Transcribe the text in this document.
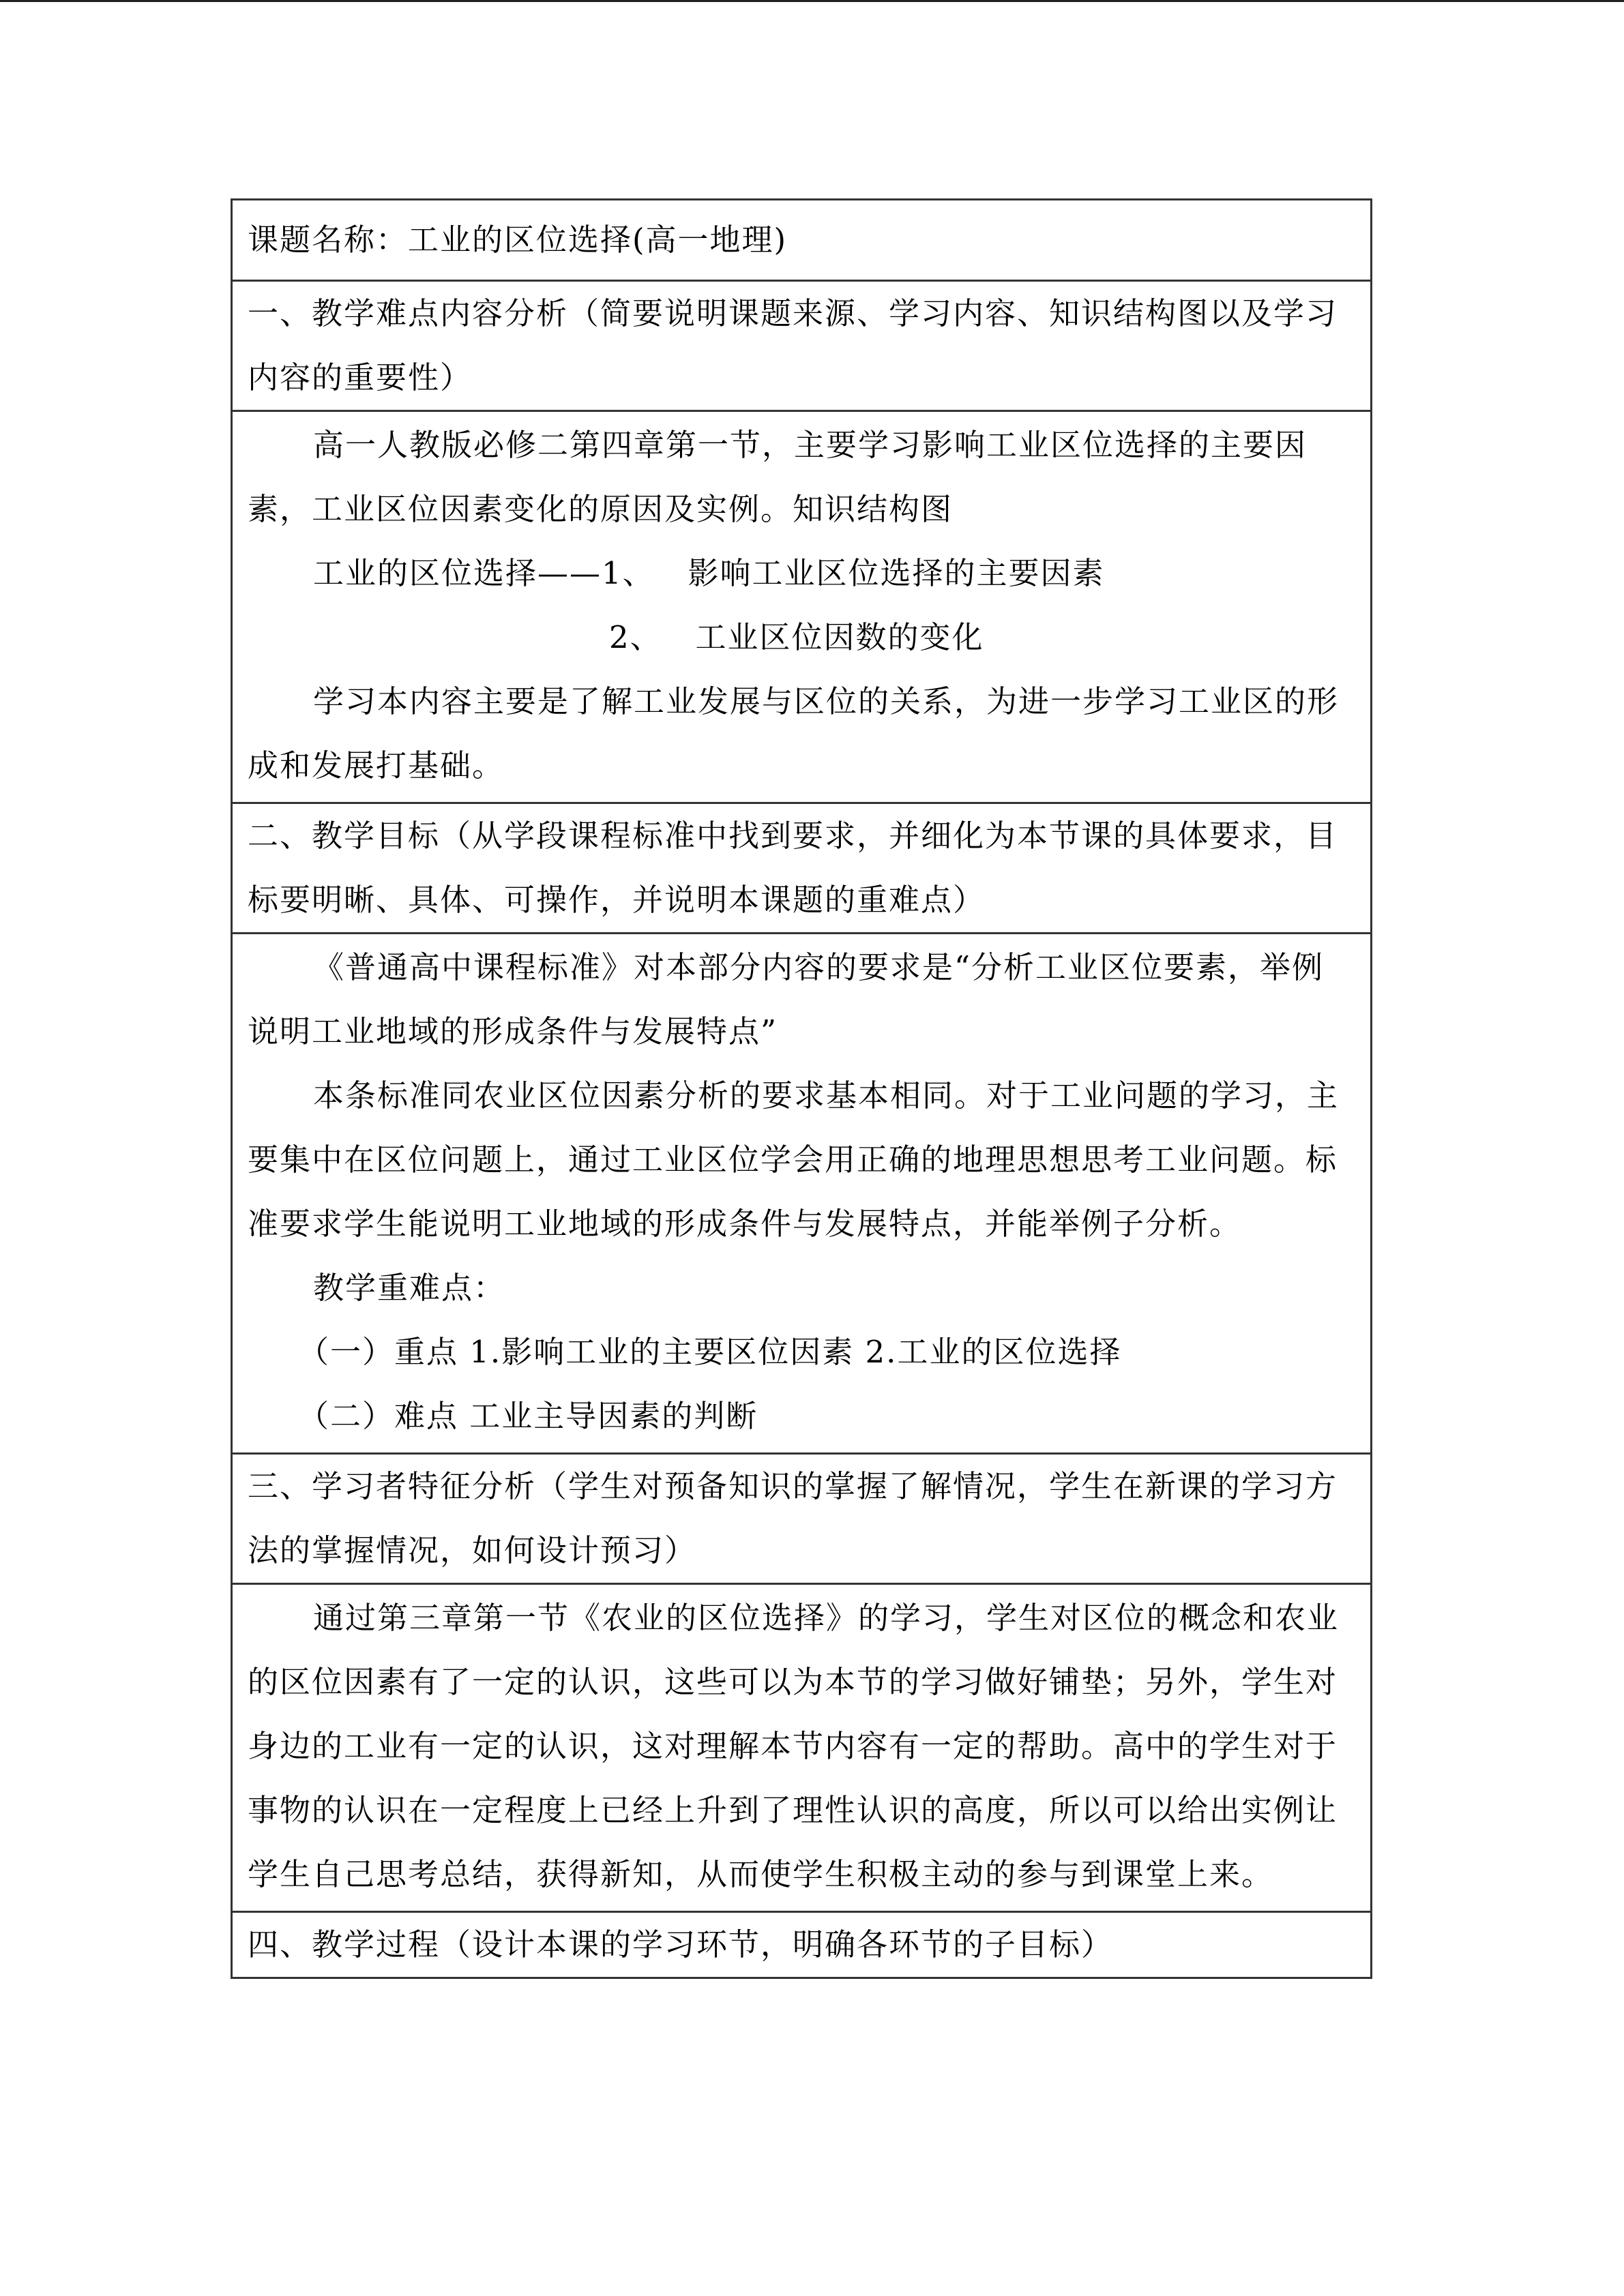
课题名称：工业的区位选择(高一地理)

一、教学难点内容分析（简要说明课题来源、学习内容、知识结构图以及学习内容的重要性）

高一人教版必修二第四章第一节，主要学习影响工业区位选择的主要因素，工业区位因素变化的原因及实例。知识结构图

工业的区位选择——1、   影响工业区位选择的主要因素

2、   工业区位因数的变化

学习本内容主要是了解工业发展与区位的关系，为进一步学习工业区的形成和发展打基础。

二、教学目标（从学段课程标准中找到要求，并细化为本节课的具体要求，目标要明晰、具体、可操作，并说明本课题的重难点）

《普通高中课程标准》对本部分内容的要求是“分析工业区位要素，举例说明工业地域的形成条件与发展特点”

本条标准同农业区位因素分析的要求基本相同。对于工业问题的学习，主要集中在区位问题上，通过工业区位学会用正确的地理思想思考工业问题。标准要求学生能说明工业地域的形成条件与发展特点，并能举例子分析。

教学重难点：

（一）重点 1.影响工业的主要区位因素 2.工业的区位选择

（二）难点 工业主导因素的判断

三、学习者特征分析（学生对预备知识的掌握了解情况，学生在新课的学习方法的掌握情况，如何设计预习）

通过第三章第一节《农业的区位选择》的学习，学生对区位的概念和农业的区位因素有了一定的认识，这些可以为本节的学习做好铺垫；另外，学生对身边的工业有一定的认识，这对理解本节内容有一定的帮助。高中的学生对于事物的认识在一定程度上已经上升到了理性认识的高度，所以可以给出实例让学生自己思考总结，获得新知，从而使学生积极主动的参与到课堂上来。

四、教学过程（设计本课的学习环节，明确各环节的子目标）
